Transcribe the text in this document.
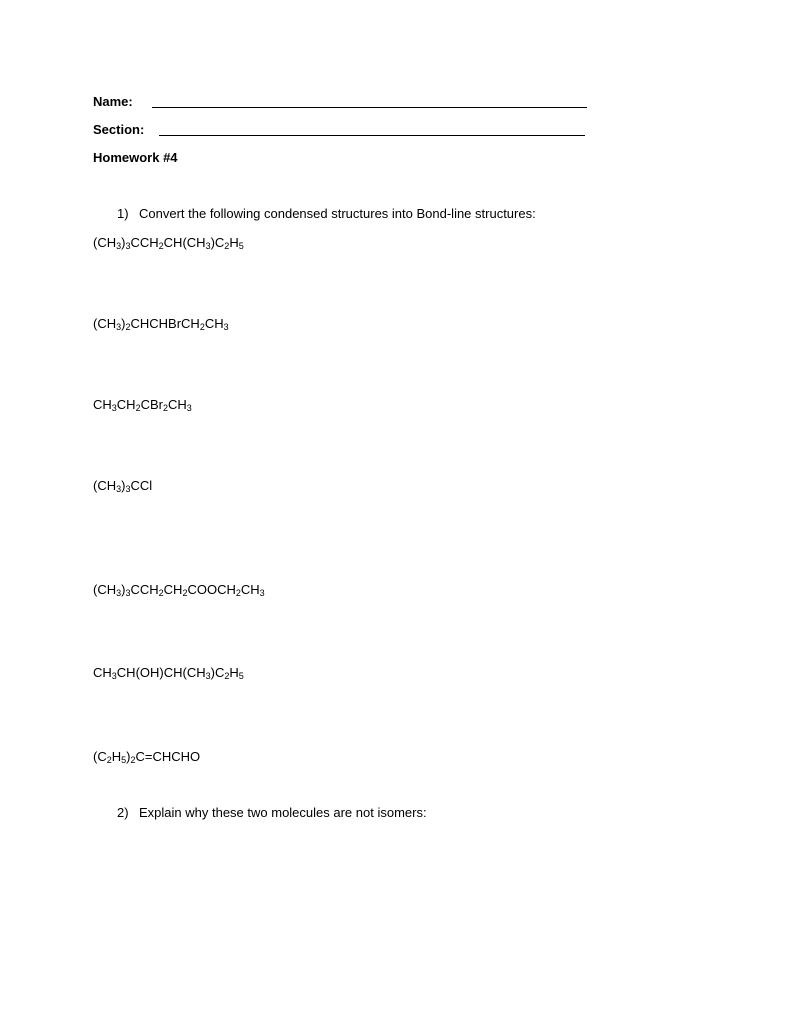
Name:
Section:
Homework #4
1) Convert the following condensed structures into Bond-line structures:
$(CH_3)_3CCH_2CH(CH_3)C_2H_5$
$(CH_3)_2CHCHBrCH_2CH_3$
$CH_3CH_2CBr_2CH_3$
$(CH_3)_3CCl$
$(CH_3)_3CCH_2CH_2COOCH_2CH_3$
$CH_3CH(OH)CH(CH_3)C_2H_5$
$(C_2H_5)_2C=CHCHO$
2) Explain why these two molecules are not isomers:
